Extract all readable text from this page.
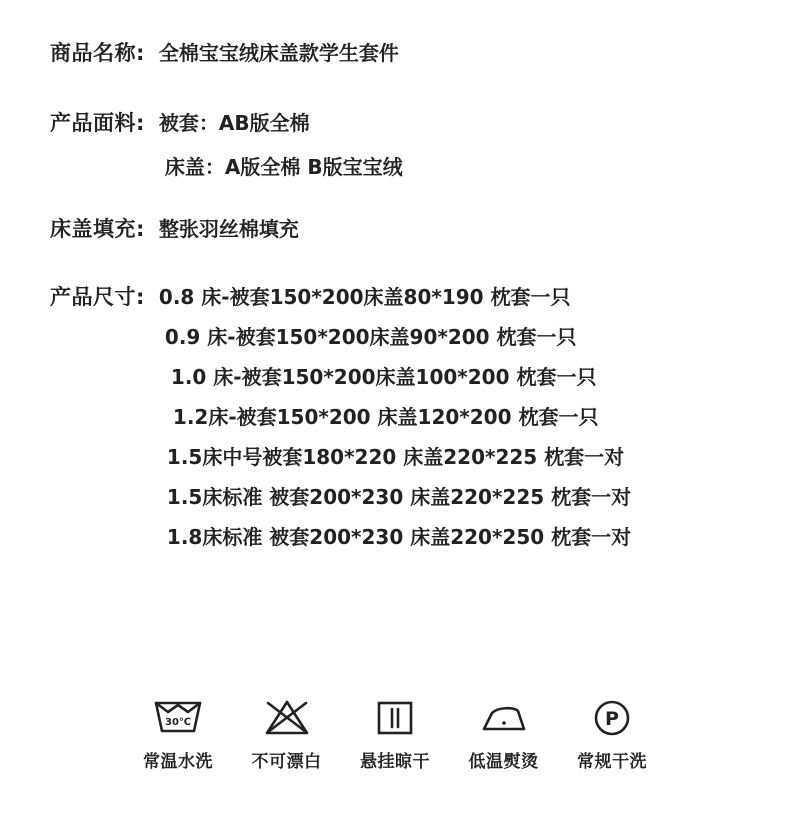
商品名称: 全棉宝宝绒床盖款学生套件
产品面料: 被套：AB版全棉
床盖：A版全棉 B版宝宝绒
床盖填充: 整张羽丝棉填充
产品尺寸: 0.8 床-被套150*200床盖80*190 枕套一只
0.9 床-被套150*200床盖90*200 枕套一只
1.0 床-被套150*200床盖100*200 枕套一只
1.2床-被套150*200 床盖120*200 枕套一只
1.5床中号被套180*220 床盖220*225 枕套一对
1.5床标准 被套200*230 床盖220*225 枕套一对
1.8床标准 被套200*230 床盖220*250 枕套一对
30℃
常温水洗 不可漂白 悬挂晾干 低温熨烫
P
常规干洗
